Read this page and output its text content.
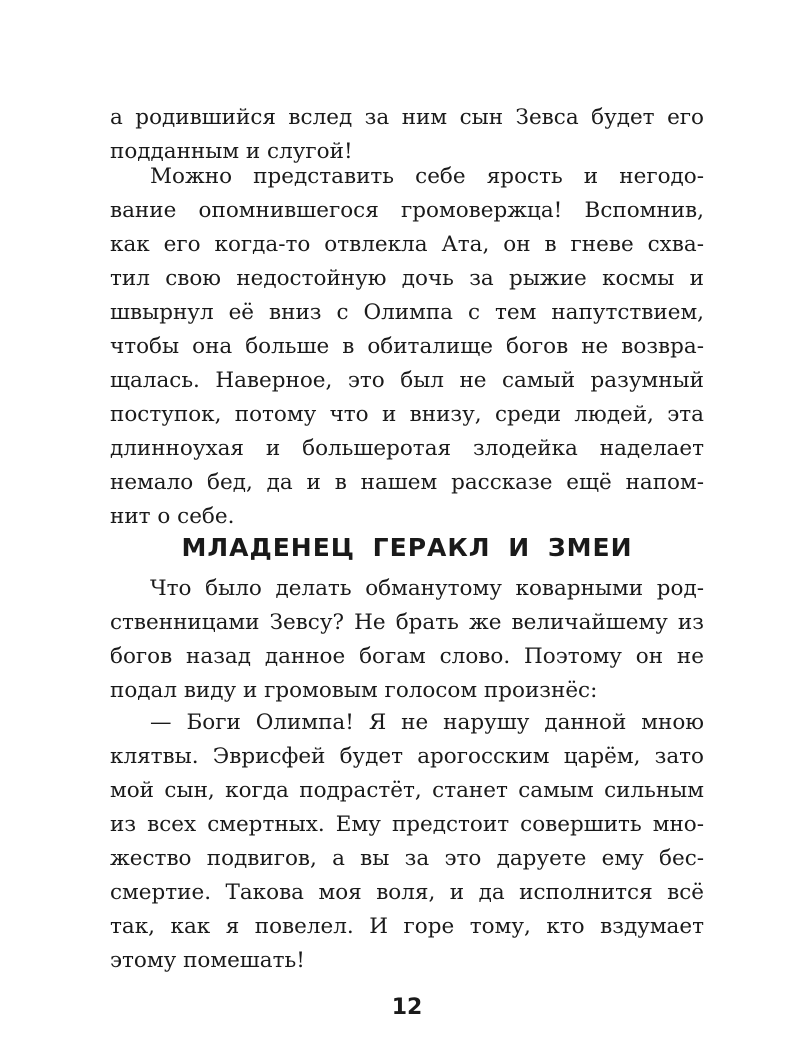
а родившийся вслед за ним сын Зевса будет его
подданным и слугой!
Можно представить себе ярость и негодо-
вание опомнившегося громовержца! Вспомнив,
как его когда-то отвлекла Ата, он в гневе схва-
тил свою недостойную дочь за рыжие космы и
швырнул её вниз с Олимпа с тем напутствием,
чтобы она больше в обиталище богов не возвра-
щалась. Наверное, это был не самый разумный
поступок, потому что и внизу, среди людей, эта
длинноухая и большеротая злодейка наделает
немало бед, да и в нашем рассказе ещё напом-
нит о себе.
МЛАДЕНЕЦ ГЕРАКЛ И ЗМЕИ
Что было делать обманутому коварными род-
ственницами Зевсу? Не брать же величайшему из
богов назад данное богам слово. Поэтому он не
подал виду и громовым голосом произнёс:
— Боги Олимпа! Я не нарушу данной мною
клятвы. Эврисфей будет арогосским царём, зато
мой сын, когда подрастёт, станет самым сильным
из всех смертных. Ему предстоит совершить мно-
жество подвигов, а вы за это даруете ему бес-
смертие. Такова моя воля, и да исполнится всё
так, как я повелел. И горе тому, кто вздумает
этому помешать!
12
